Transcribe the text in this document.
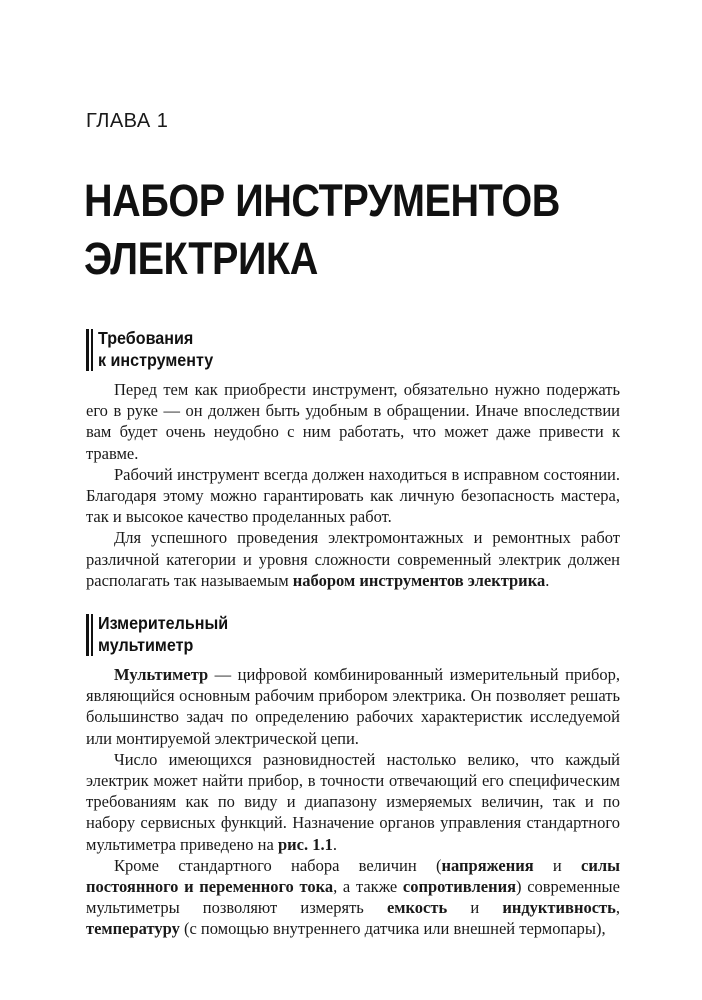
ГЛАВА 1
НАБОР ИНСТРУМЕНТОВ ЭЛЕКТРИКА
Требования
к инструменту

Перед тем как приобрести инструмент, обязательно нужно подержать его в руке — он должен быть удобным в обращении. Иначе впоследствии вам будет очень неудобно с ним работать, что может даже привести к травме.

Рабочий инструмент всегда должен находиться в исправном состоянии. Благодаря этому можно гарантировать как личную безопасность мастера, так и высокое качество проделанных работ.

Для успешного проведения электромонтажных и ремонтных работ различной категории и уровня сложности современный электрик должен располагать так называемым набором инструментов электрика.

Измерительный
мультиметр

Мультиметр — цифровой комбинированный измерительный прибор, являющийся основным рабочим прибором электрика. Он позволяет решать большинство задач по определению рабочих характеристик исследуемой или монтируемой электрической цепи.

Число имеющихся разновидностей настолько велико, что каждый электрик может найти прибор, в точности отвечающий его специфическим требованиям как по виду и диапазону измеряемых величин, так и по набору сервисных функций. Назначение органов управления стандартного мультиметра приведено на рис. 1.1.

Кроме стандартного набора величин (напряжения и силы постоянного и переменного тока, а также сопротивления) современные мультиметры позволяют измерять емкость и индуктивность, температуру (с помощью внутреннего датчика или внешней термопары),
